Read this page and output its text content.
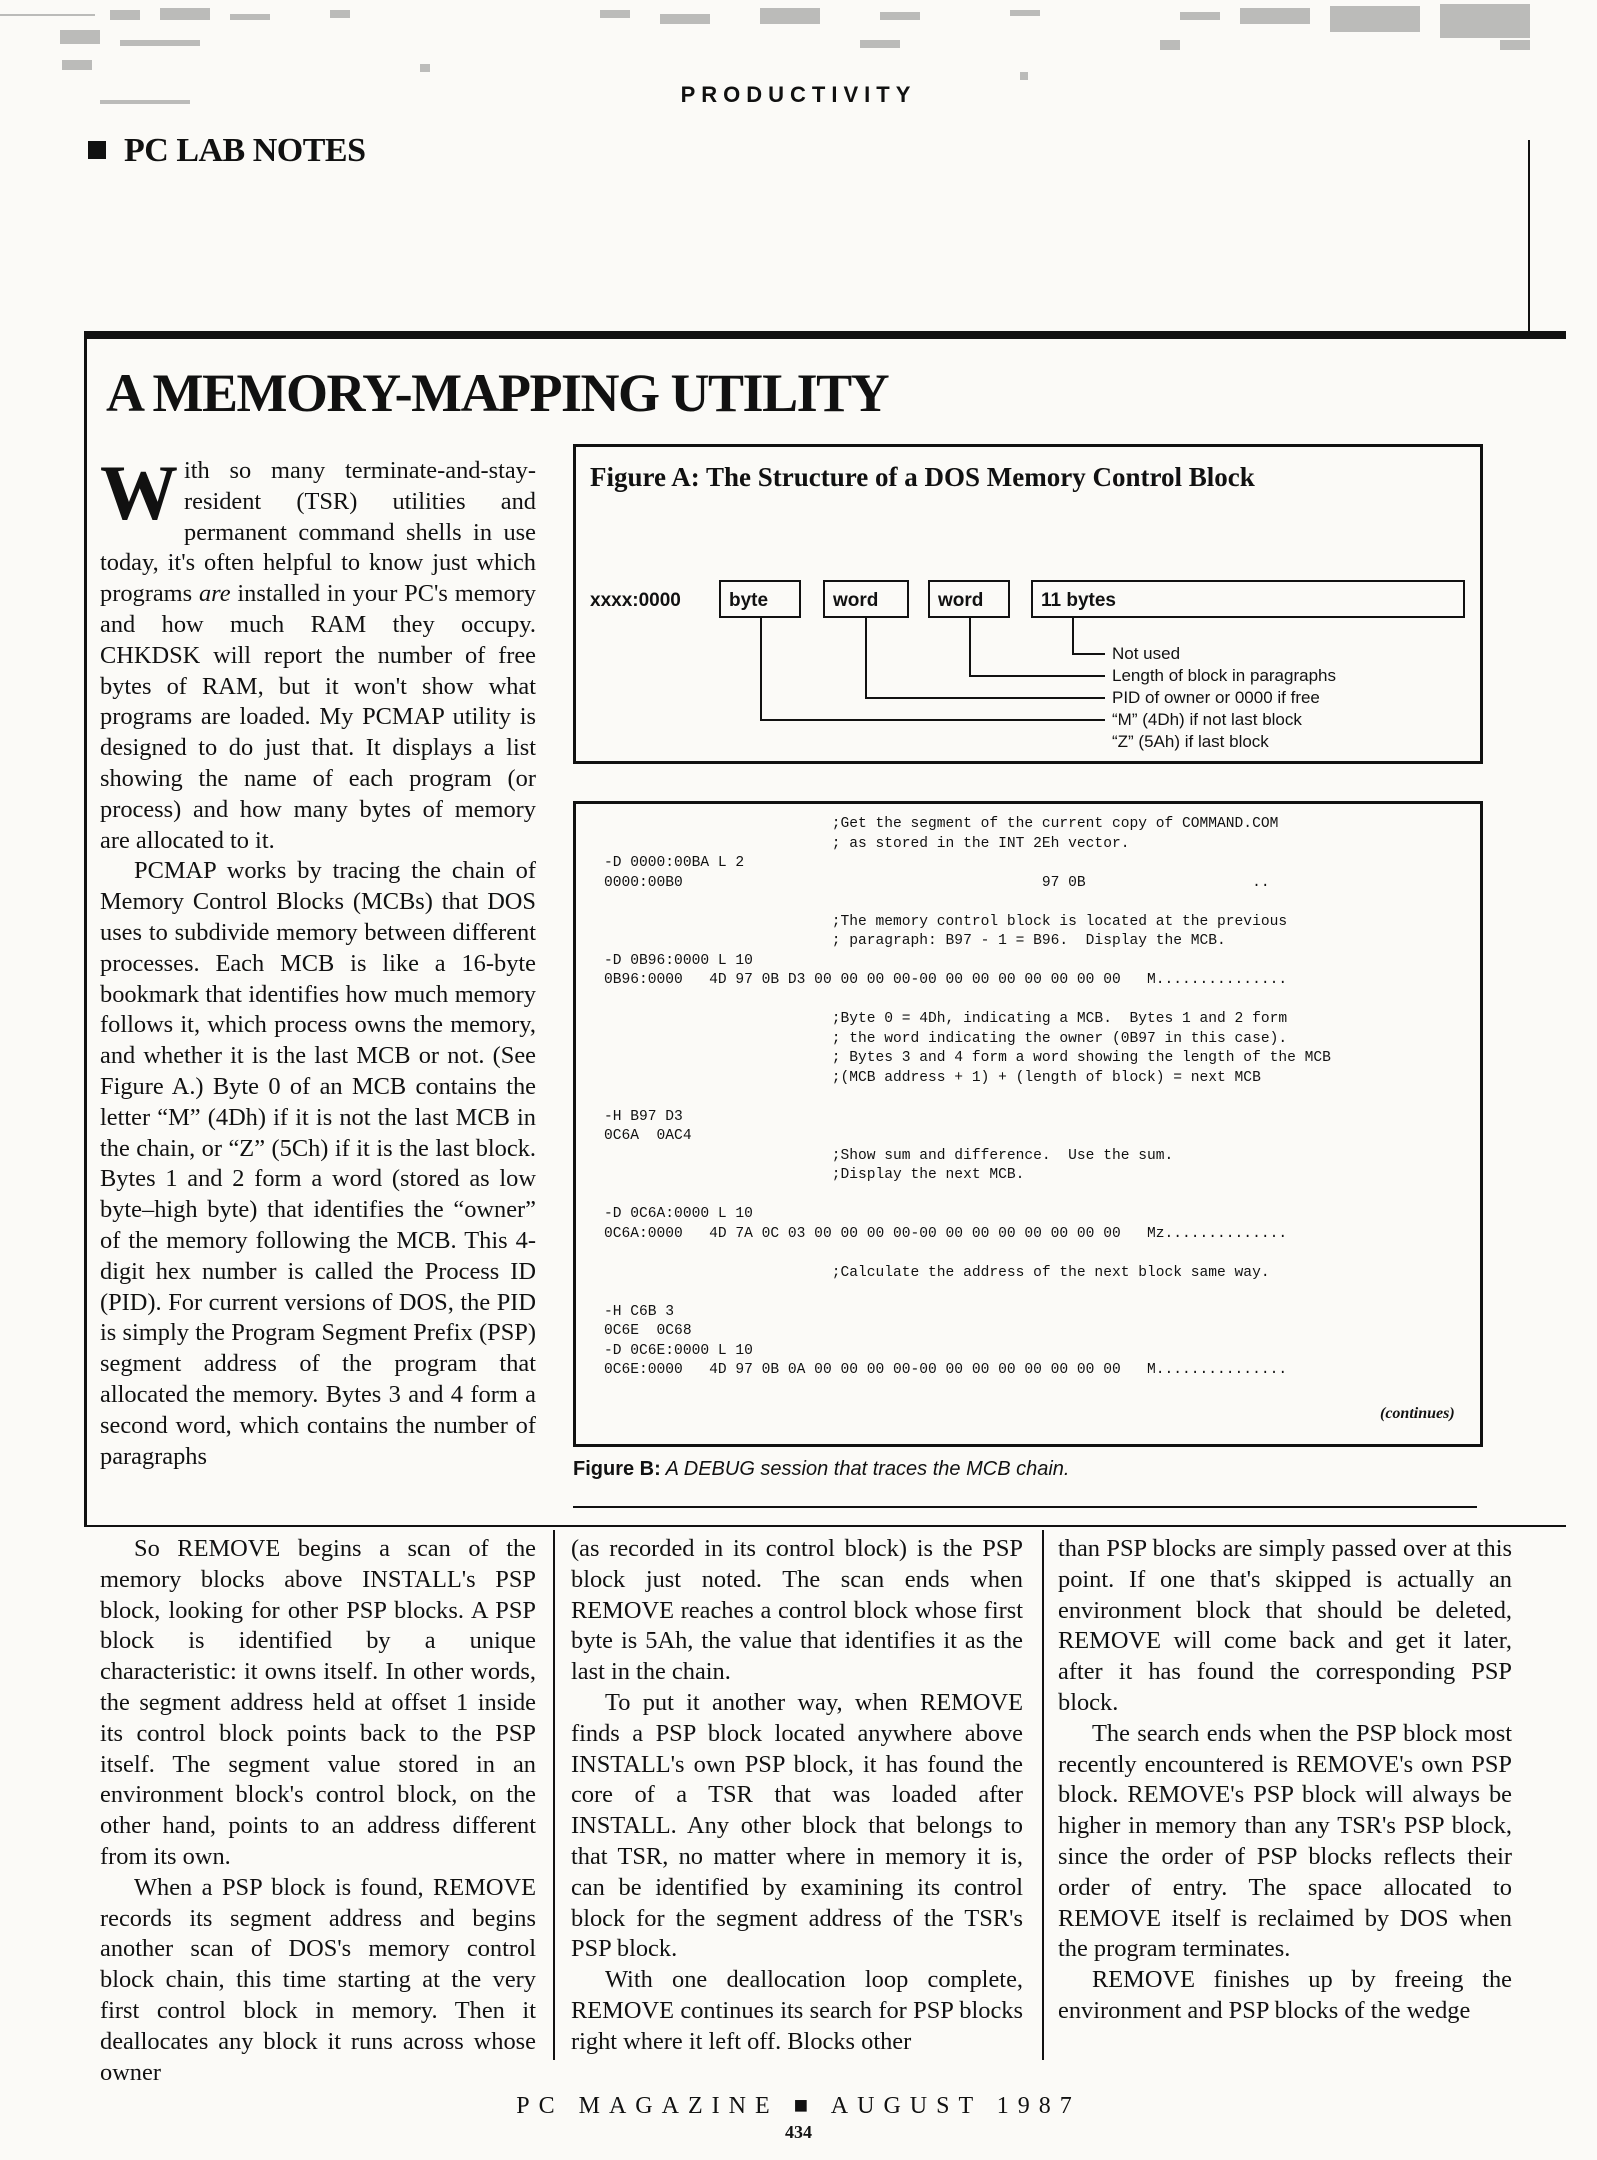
PRODUCTIVITY
PC LAB NOTES
A MEMORY-MAPPING UTILITY

With so many terminate-and-stay-resident (TSR) utilities and permanent command shells in use today, it's often helpful to know just which programs are installed in your PC's memory and how much RAM they occupy. CHKDSK will report the number of free bytes of RAM, but it won't show what programs are loaded. My PCMAP utility is designed to do just that. It displays a list showing the name of each program (or process) and how many bytes of memory are allocated to it.

PCMAP works by tracing the chain of Memory Control Blocks (MCBs) that DOS uses to subdivide memory between different processes. Each MCB is like a 16-byte bookmark that identifies how much memory follows it, which process owns the memory, and whether it is the last MCB or not. (See Figure A.) Byte 0 of an MCB contains the letter “M” (4Dh) if it is not the last MCB in the chain, or “Z” (5Ch) if it is the last block. Bytes 1 and 2 form a word (stored as low byte–high byte) that identifies the “owner” of the memory following the MCB. This 4-digit hex number is called the Process ID (PID). For current versions of DOS, the PID is simply the Program Segment Prefix (PSP) segment address of the program that allocated the memory. Bytes 3 and 4 form a second word, which contains the number of paragraphs

Figure A: The Structure of a DOS Memory Control Block
xxxx:0000	byte	word	word	11 bytes
Not used
Length of block in paragraphs
PID of owner or 0000 if free
“M” (4Dh) if not last block
“Z” (5Ah) if last block
;Get the segment of the current copy of COMMAND.COM
; as stored in the INT 2Eh vector.
-D 0000:00BA L 2
0000:00B0                                         97 0B                   ..

;The memory control block is located at the previous
; paragraph: B97 - 1 = B96.  Display the MCB.
-D 0B96:0000 L 10
0B96:0000   4D 97 0B D3 00 00 00 00-00 00 00 00 00 00 00 00   M...............

;Byte 0 = 4Dh, indicating a MCB.  Bytes 1 and 2 form
; the word indicating the owner (0B97 in this case).
; Bytes 3 and 4 form a word showing the length of the MCB
;(MCB address + 1) + (length of block) = next MCB

-H B97 D3
0C6A  0AC4
;Show sum and difference.  Use the sum.
;Display the next MCB.

-D 0C6A:0000 L 10
0C6A:0000   4D 7A 0C 03 00 00 00 00-00 00 00 00 00 00 00 00   Mz..............

;Calculate the address of the next block same way.

-H C6B 3
0C6E  0C68
-D 0C6E:0000 L 10
0C6E:0000   4D 97 0B 0A 00 00 00 00-00 00 00 00 00 00 00 00   M...............
(continues)
Figure B: A DEBUG session that traces the MCB chain.

So REMOVE begins a scan of the memory blocks above INSTALL's PSP block, looking for other PSP blocks. A PSP block is identified by a unique characteristic: it owns itself. In other words, the segment address held at offset 1 inside its control block points back to the PSP itself. The segment value stored in an environment block's control block, on the other hand, points to an address different from its own.

When a PSP block is found, REMOVE records its segment address and begins another scan of DOS's memory control block chain, this time starting at the very first control block in memory. Then it deallocates any block it runs across whose owner

(as recorded in its control block) is the PSP block just noted. The scan ends when REMOVE reaches a control block whose first byte is 5Ah, the value that identifies it as the last in the chain.

To put it another way, when REMOVE finds a PSP block located anywhere above INSTALL's own PSP block, it has found the core of a TSR that was loaded after INSTALL. Any other block that belongs to that TSR, no matter where in memory it is, can be identified by examining its control block for the segment address of the TSR's PSP block.

With one deallocation loop complete, REMOVE continues its search for PSP blocks right where it left off. Blocks other

than PSP blocks are simply passed over at this point. If one that's skipped is actually an environment block that should be deleted, REMOVE will come back and get it later, after it has found the corresponding PSP block.

The search ends when the PSP block most recently encountered is REMOVE's own PSP block. REMOVE's PSP block will always be higher in memory than any TSR's PSP block, since the order of PSP blocks reflects their order of entry. The space allocated to REMOVE itself is reclaimed by DOS when the program terminates.

REMOVE finishes up by freeing the environment and PSP blocks of the wedge

PC MAGAZINE ■ AUGUST 1987
434
